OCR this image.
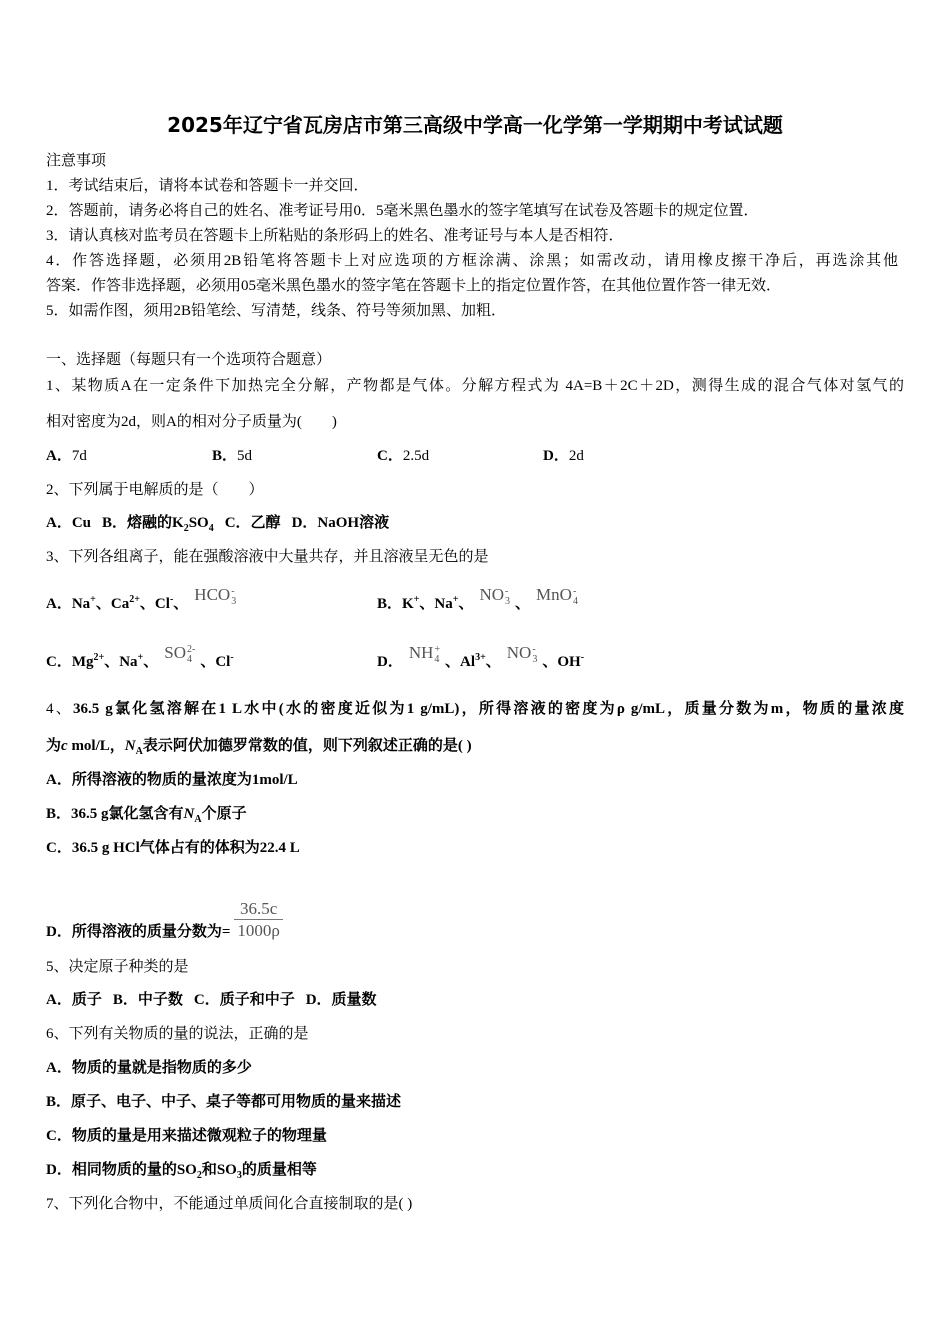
2025年辽宁省瓦房店市第三高级中学高一化学第一学期期中考试试题
注意事项
1．考试结束后，请将本试卷和答题卡一并交回．
2．答题前，请务必将自己的姓名、准考证号用0．5毫米黑色墨水的签字笔填写在试卷及答题卡的规定位置．
3．请认真核对监考员在答题卡上所粘贴的条形码上的姓名、准考证号与本人是否相符．
4．作答选择题，必须用2B铅笔将答题卡上对应选项的方框涂满、涂黑；如需改动，请用橡皮擦干净后，再选涂其他
答案．作答非选择题，必须用05毫米黑色墨水的签字笔在答题卡上的指定位置作答，在其他位置作答一律无效．
5．如需作图，须用2B铅笔绘、写清楚，线条、符号等须加黑、加粗．
一、选择题（每题只有一个选项符合题意）
1、某物质A在一定条件下加热完全分解，产物都是气体。分解方程式为 4A=B＋2C＋2D，测得生成的混合气体对氢气的
相对密度为2d，则A的相对分子质量为(　　)
A．7d	B．5d	C．2.5d	D．2d
2、下列属于电解质的是（　　）
A．Cu B．熔融的$K_2SO_4$ C．乙醇 D．NaOH溶液
3、下列各组离子，能在强酸溶液中大量共存，并且溶液呈无色的是
A．Na+、$Ca^{2+}$、Cl-、 HCO -
3	B．K+、Na+、 NO -
3 、 MnO -
4
C．$Mg^{2+}$、Na+、 SO 2-
4 、Cl-	D． NH +
4 、$Al^{3+}$、 NO -
3 、OH-
4、36.5 g氯化氢溶解在1 L水中(水的密度近似为1 g/mL)，所得溶液的密度为ρ g/mL，质量分数为m，物质的量浓度
为c mol/L，$N_A$表示阿伏加德罗常数的值，则下列叙述正确的是( )
A．所得溶液的物质的量浓度为1mol/L
B．36.5 g氯化氢含有$N_A$个原子
C．36.5 g HCl气体占有的体积为22.4 L
D．所得溶液的质量分数为= $\frac{36.5c}{1000\rho}$
5、决定原子种类的是
A．质子 B．中子数 C．质子和中子 D．质量数
6、下列有关物质的量的说法，正确的是
A．物质的量就是指物质的多少
B．原子、电子、中子、桌子等都可用物质的量来描述
C．物质的量是用来描述微观粒子的物理量
D．相同物质的量的$SO_2$和$SO_3$的质量相等
7、下列化合物中，不能通过单质间化合直接制取的是( )
